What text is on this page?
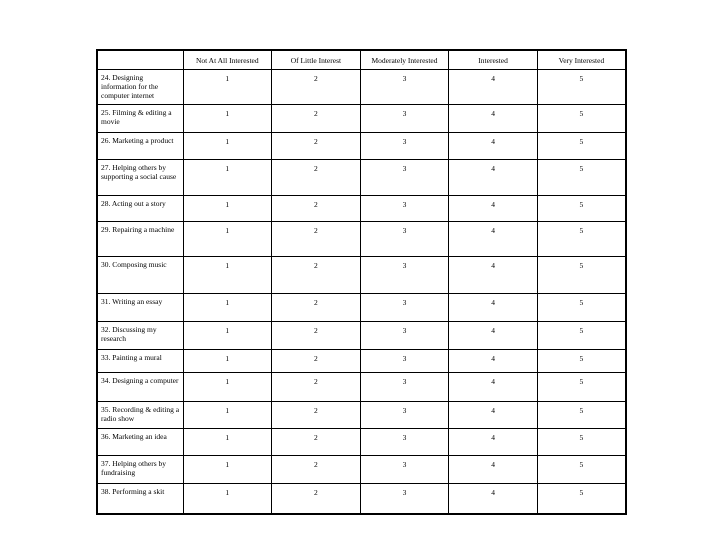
	Not At All Interested	Of Little Interest	Moderately Interested	Interested	Very Interested
24. Designing information for the computer internet	1	2	3	4	5
25. Filming & editing a movie	1	2	3	4	5
26. Marketing a product	1	2	3	4	5
27. Helping others by supporting a social cause	1	2	3	4	5
28. Acting out a story	1	2	3	4	5
29. Repairing a machine	1	2	3	4	5
30. Composing music	1	2	3	4	5
31. Writing an essay	1	2	3	4	5
32. Discussing my research	1	2	3	4	5
33. Painting a mural	1	2	3	4	5
34. Designing a computer	1	2	3	4	5
35. Recording & editing a radio show	1	2	3	4	5
36. Marketing an idea	1	2	3	4	5
37. Helping others by fundraising	1	2	3	4	5
38. Performing a skit	1	2	3	4	5
